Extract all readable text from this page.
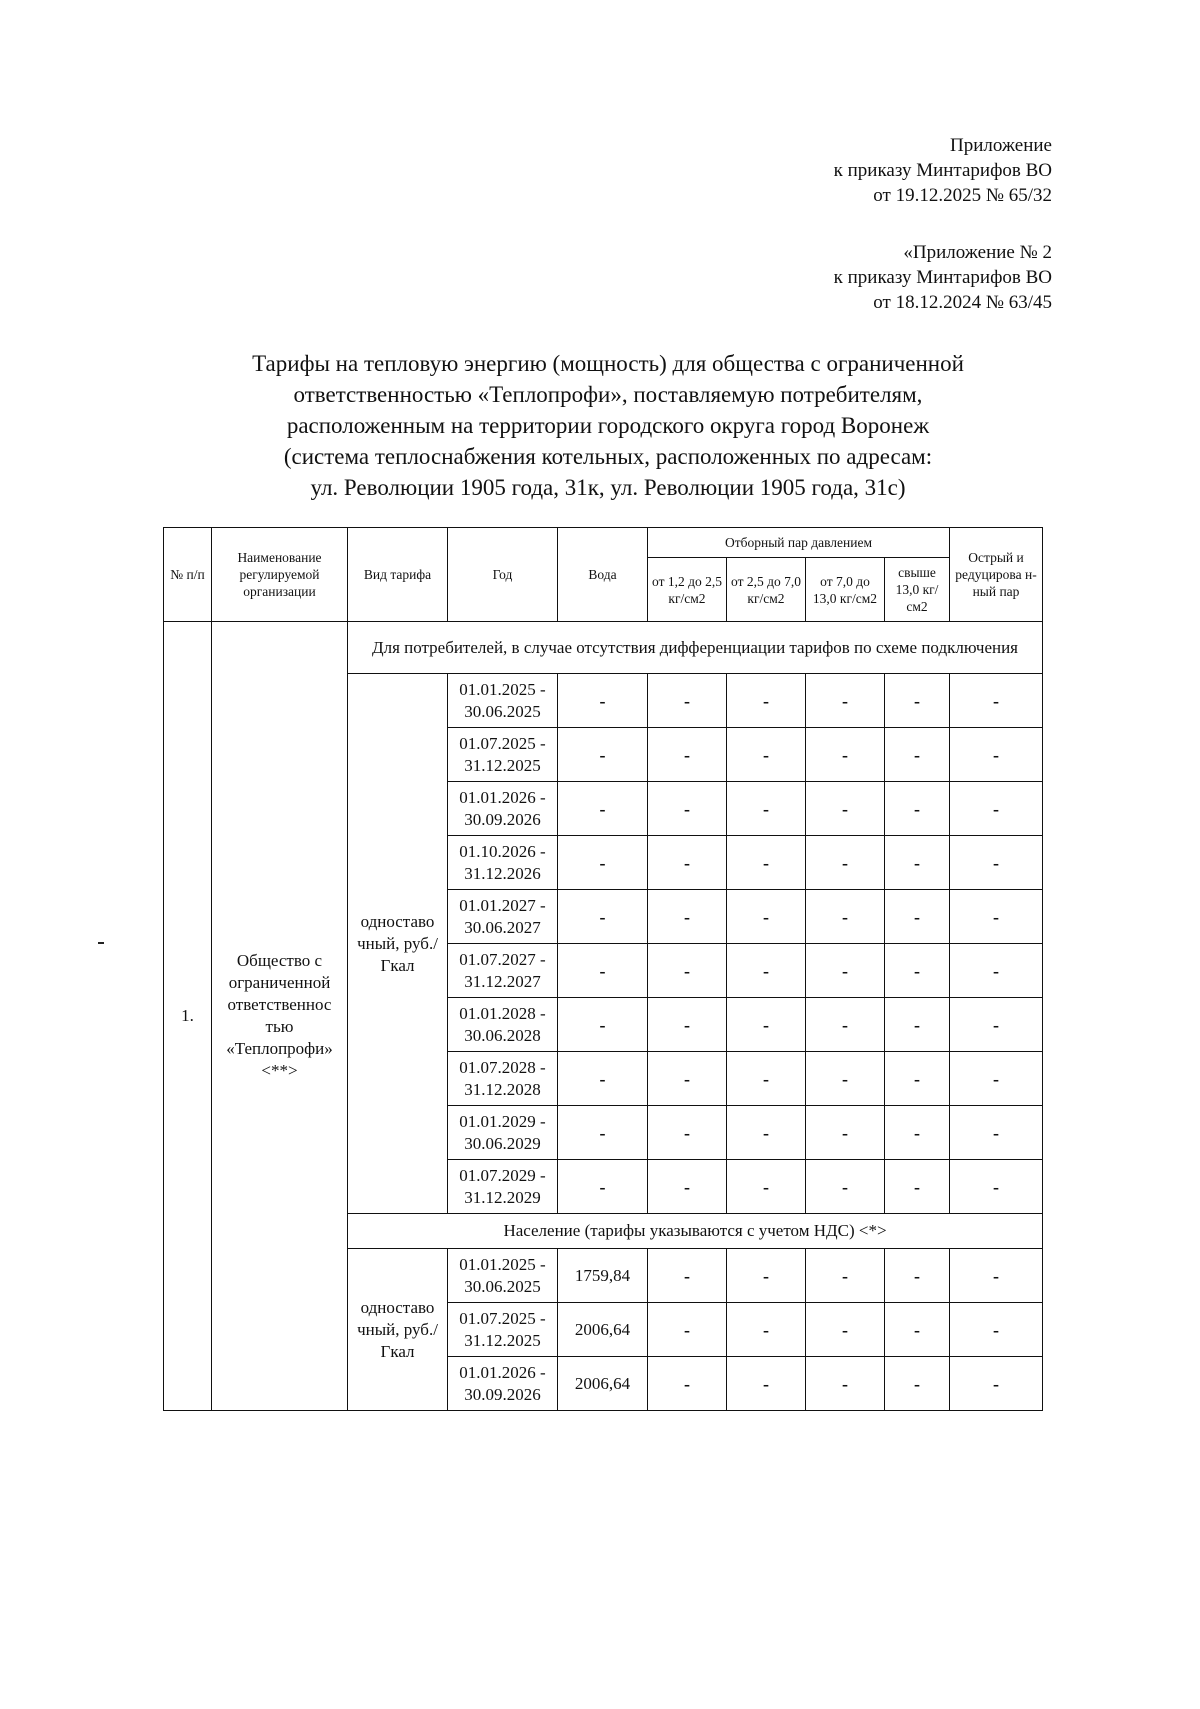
Приложение
к приказу Минтарифов ВО
от 19.12.2025 № 65/32
«Приложение № 2
к приказу Минтарифов ВО
от 18.12.2024 № 63/45
Тарифы на тепловую энергию (мощность) для общества с ограниченной
ответственностью «Теплопрофи», поставляемую потребителям,
расположенным на территории городского округа город Воронеж
(система теплоснабжения котельных, расположенных по адресам:
ул. Революции 1905 года, 31к, ул. Революции 1905 года, 31с)
№ п/п	Наименование регулируемой организации	Вид тарифа	Год	Вода	Отборный пар давлением				Острый и редуцирова н- ный пар
					от 1,2 до 2,5 кг/см2	от 2,5 до 7,0 кг/см2	от 7,0 до 13,0 кг/см2	свыше 13,0 кг/см2	
1.	Общество с ограниченной ответственнос тью «Теплопрофи» <**>	Для потребителей, в случае отсутствия дифференциации тарифов по схеме подключения							
		одноставо чный, руб./Гкал	01.01.2025 - 30.06.2025	-	-	-	-	-	-
			01.07.2025 - 31.12.2025	-	-	-	-	-	-
			01.01.2026 - 30.09.2026	-	-	-	-	-	-
			01.10.2026 - 31.12.2026	-	-	-	-	-	-
			01.01.2027 - 30.06.2027	-	-	-	-	-	-
			01.07.2027 - 31.12.2027	-	-	-	-	-	-
			01.01.2028 - 30.06.2028	-	-	-	-	-	-
			01.07.2028 - 31.12.2028	-	-	-	-	-	-
			01.01.2029 - 30.06.2029	-	-	-	-	-	-
			01.07.2029 - 31.12.2029	-	-	-	-	-	-
		Население (тарифы указываются с учетом НДС) <*>							
		одноставо чный, руб./Гкал	01.01.2025 - 30.06.2025	1759,84	-	-	-	-	-
			01.07.2025 - 31.12.2025	2006,64	-	-	-	-	-
			01.01.2026 - 30.09.2026	2006,64	-	-	-	-	-
